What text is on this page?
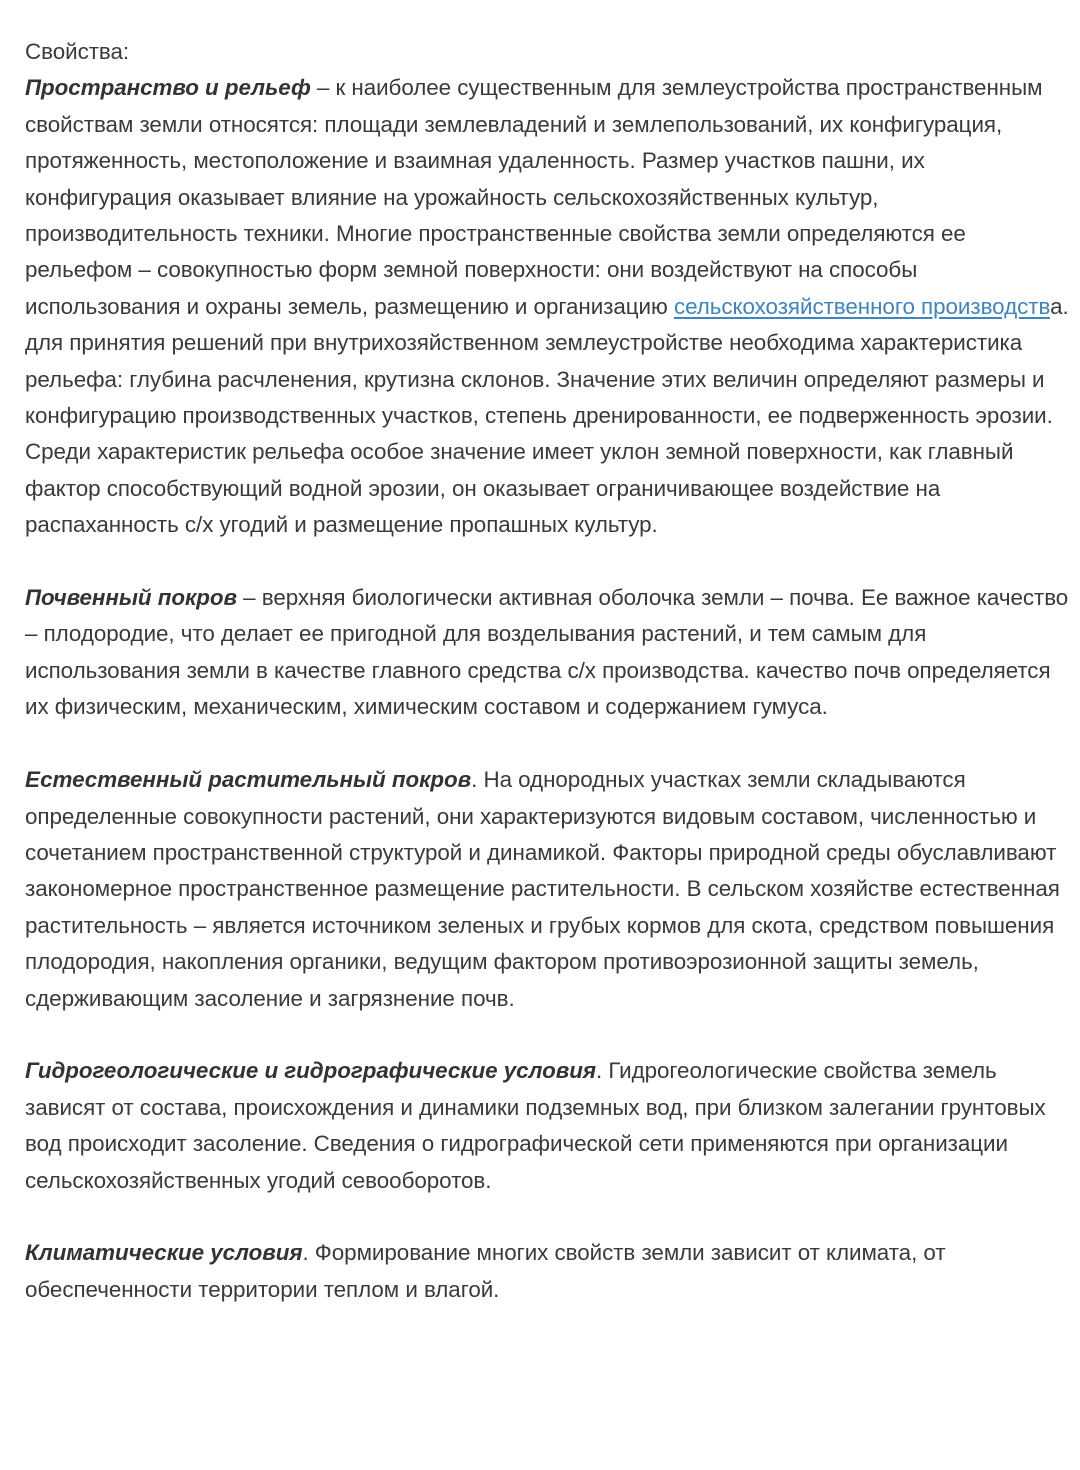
Свойства:

Пространство и рельеф – к наиболее существенным для землеустройства пространственным свойствам земли относятся: площади землевладений и землепользований, их конфигурация, протяженность, местоположение и взаимная удаленность. Размер участков пашни, их конфигурация оказывает влияние на урожайность сельскохозяйственных культур, производительность техники. Многие пространственные свойства земли определяются ее рельефом – совокупностью форм земной поверхности: они воздействуют на способы использования и охраны земель, размещению и организацию сельскохозяйственного производства. для принятия решений при внутрихозяйственном землеустройстве необходима характеристика рельефа: глубина расчленения, крутизна склонов. Значение этих величин определяют размеры и конфигурацию производственных участков, степень дренированности, ее подверженность эрозии. Среди характеристик рельефа особое значение имеет уклон земной поверхности, как главный фактор способствующий водной эрозии, он оказывает ограничивающее воздействие на распаханность с/х угодий и размещение пропашных культур.

Почвенный покров – верхняя биологически активная оболочка земли – почва. Ее важное качество – плодородие, что делает ее пригодной для возделывания растений, и тем самым для использования земли в качестве главного средства с/х производства. качество почв определяется их физическим, механическим, химическим составом и содержанием гумуса.

Естественный растительный покров. На однородных участках земли складываются определенные совокупности растений, они характеризуются видовым составом, численностью и сочетанием пространственной структурой и динамикой. Факторы природной среды обуславливают закономерное пространственное размещение растительности. В сельском хозяйстве естественная растительность – является источником зеленых и грубых кормов для скота, средством повышения плодородия, накопления органики, ведущим фактором противоэрозионной защиты земель, сдерживающим засоление и загрязнение почв.

Гидрогеологические и гидрографические условия. Гидрогеологические свойства земель зависят от состава, происхождения и динамики подземных вод, при близком залегании грунтовых вод происходит засоление. Сведения о гидрографической сети применяются при организации сельскохозяйственных угодий севооборотов.

Климатические условия. Формирование многих свойств земли зависит от климата, от обеспеченности территории теплом и влагой.
